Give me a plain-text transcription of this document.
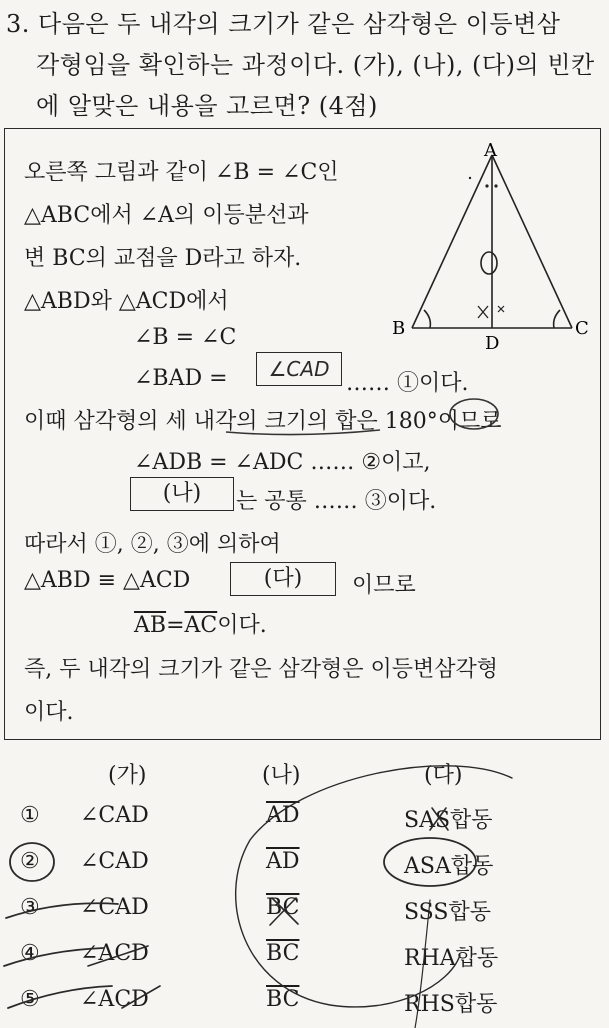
3. 다음은 두 내각의 크기가 같은 삼각형은 이등변삼
각형임을 확인하는 과정이다. (가), (나), (다)의 빈칸
에 알맞은 내용을 고르면? (4점)
오른쪽 그림과 같이 ∠B = ∠C인
△ABC에서 ∠A의 이등분선과
변 BC의 교점을 D라고 하자.
△ABD와 △ACD에서
∠B = ∠C
∠BAD =	∠CAD
…… ①이다.
이때 삼각형의 세 내각의 크기의 합은 180°이므로
∠ADB = ∠ADC …… ②이고,
(나)	는 공통 …… ③이다.
따라서 ①, ②, ③에 의하여
△ABD ≡ △ACD	(다)	이므로
$\overline{AB}=\overline{AC}$이다.
즉, 두 내각의 크기가 같은 삼각형은 이등변삼각형
이다.
A
B	C
D
(가)	(나)	(다)
① ∠CAD	$\overline{AD}$	SAS합동
② ∠CAD	$\overline{AD}$	ASA합동
③ ∠CAD	$\overline{BC}$	SSS합동
④ ∠ACD	$\overline{BC}$	RHA합동
⑤ ∠ACD	$\overline{BC}$	RHS합동
